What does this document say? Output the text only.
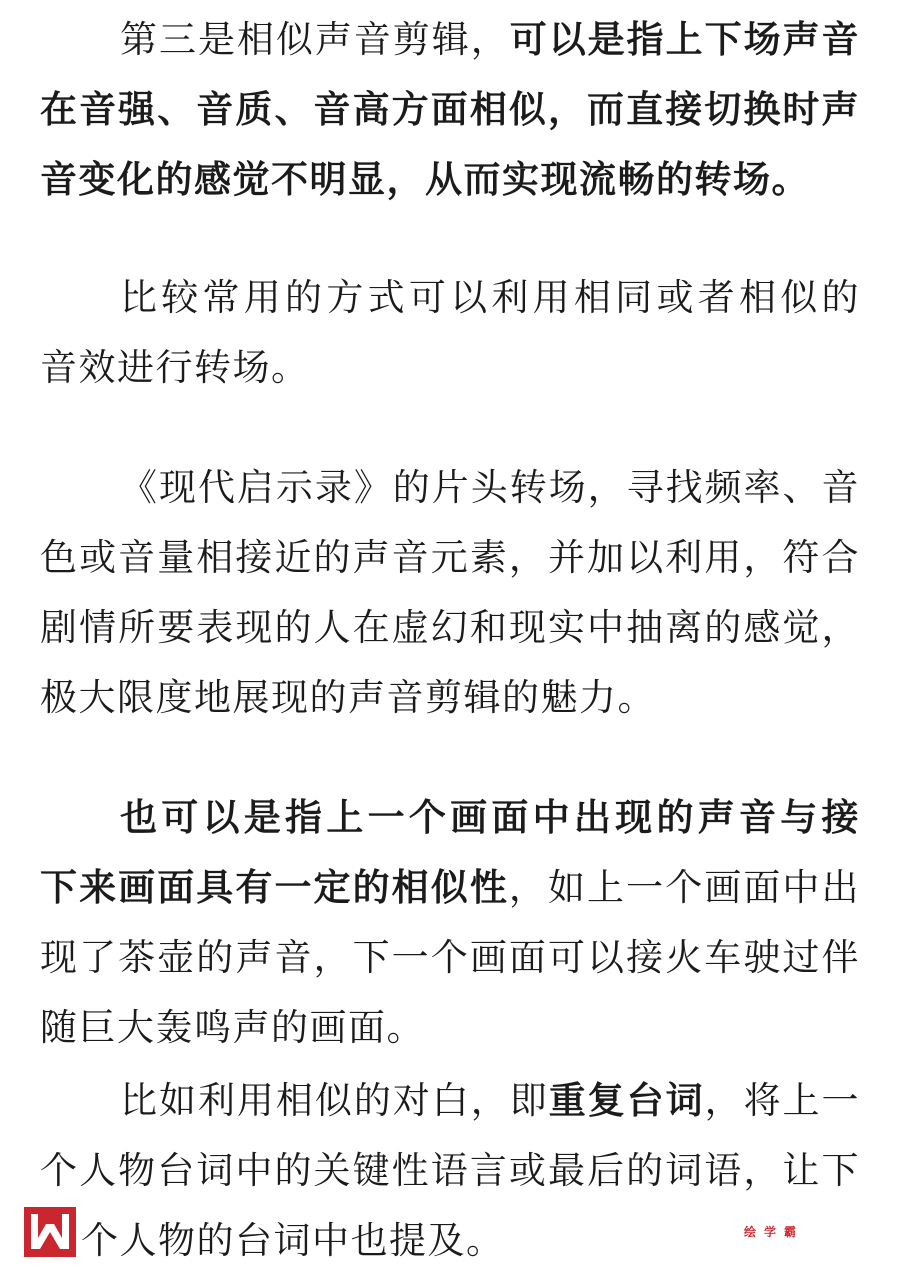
第三是相似声音剪辑，可以是指上下场声音
在音强、音质、音高方面相似，而直接切换时声
音变化的感觉不明显，从而实现流畅的转场。
比较常用的方式可以利用相同或者相似的
音效进行转场。
《现代启示录》的片头转场，寻找频率、音
色或音量相接近的声音元素，并加以利用，符合
剧情所要表现的人在虚幻和现实中抽离的感觉，
极大限度地展现的声音剪辑的魅力。
也可以是指上一个画面中出现的声音与接
下来画面具有一定的相似性，如上一个画面中出
现了茶壶的声音，下一个画面可以接火车驶过伴
随巨大轰鸣声的画面。
比如利用相似的对白，即重复台词，将上一
个人物台词中的关键性语言或最后的词语，让下
个人物的台词中也提及。	绘学霸
